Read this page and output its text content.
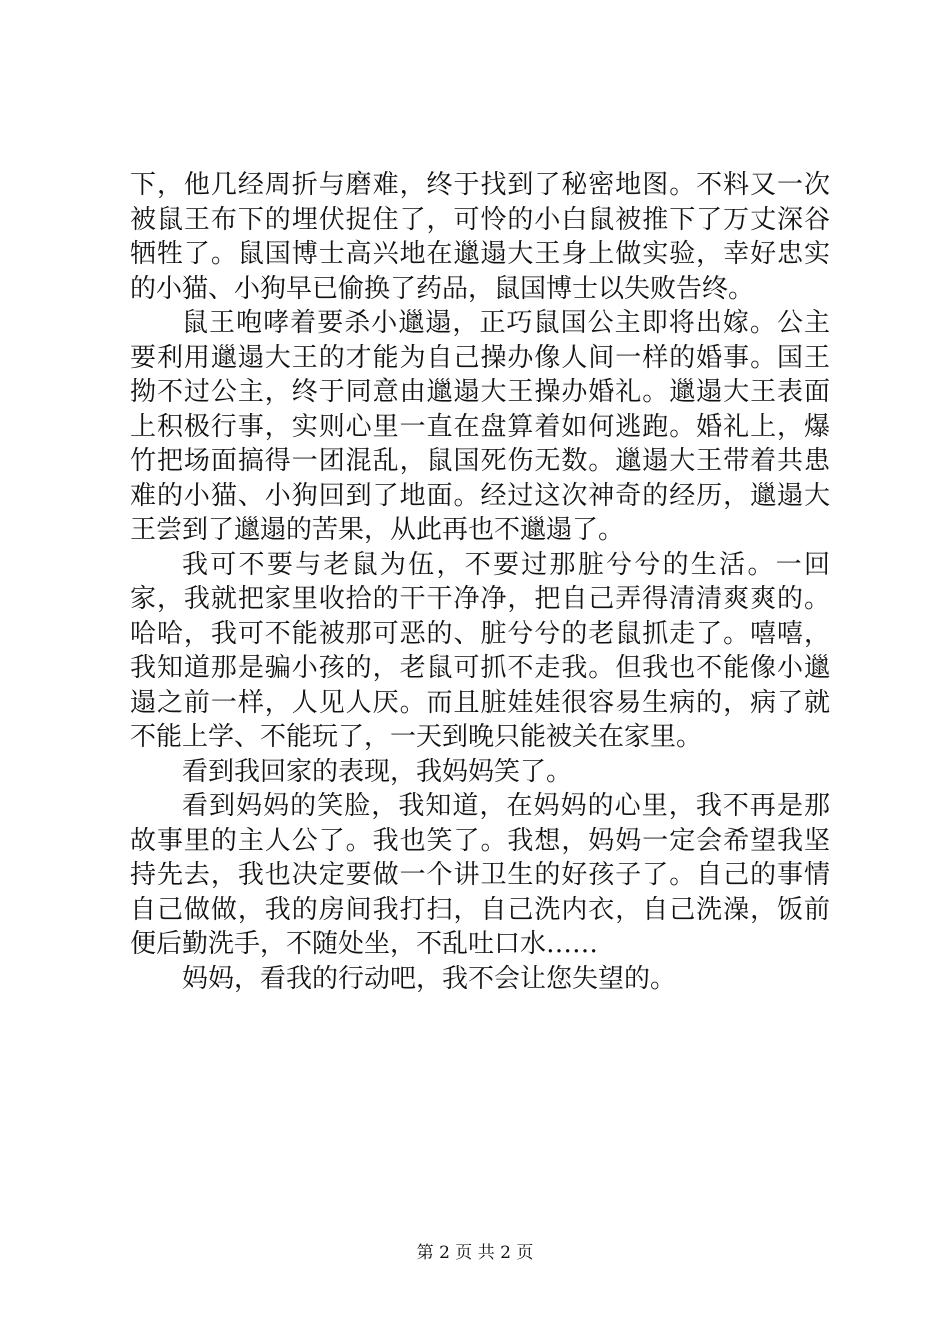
下，他几经周折与磨难，终于找到了秘密地图。不料又一次被鼠王布下的埋伏捉住了，可怜的小白鼠被推下了万丈深谷牺牲了。鼠国博士高兴地在邋遢大王身上做实验，幸好忠实的小猫、小狗早已偷换了药品，鼠国博士以失败告终。

鼠王咆哮着要杀小邋遢，正巧鼠国公主即将出嫁。公主要利用邋遢大王的才能为自己操办像人间一样的婚事。国王拗不过公主，终于同意由邋遢大王操办婚礼。邋遢大王表面上积极行事，实则心里一直在盘算着如何逃跑。婚礼上，爆竹把场面搞得一团混乱，鼠国死伤无数。邋遢大王带着共患难的小猫、小狗回到了地面。经过这次神奇的经历，邋遢大王尝到了邋遢的苦果，从此再也不邋遢了。

我可不要与老鼠为伍，不要过那脏兮兮的生活。一回家，我就把家里收拾的干干净净，把自己弄得清清爽爽的。哈哈，我可不能被那可恶的、脏兮兮的老鼠抓走了。嘻嘻，我知道那是骗小孩的，老鼠可抓不走我。但我也不能像小邋遢之前一样，人见人厌。而且脏娃娃很容易生病的，病了就不能上学、不能玩了，一天到晚只能被关在家里。

看到我回家的表现，我妈妈笑了。

看到妈妈的笑脸，我知道，在妈妈的心里，我不再是那故事里的主人公了。我也笑了。我想，妈妈一定会希望我坚持先去，我也决定要做一个讲卫生的好孩子了。自己的事情自己做做，我的房间我打扫，自己洗内衣，自己洗澡，饭前便后勤洗手，不随处坐，不乱吐口水……

妈妈，看我的行动吧，我不会让您失望的。

第 2 页 共 2 页
